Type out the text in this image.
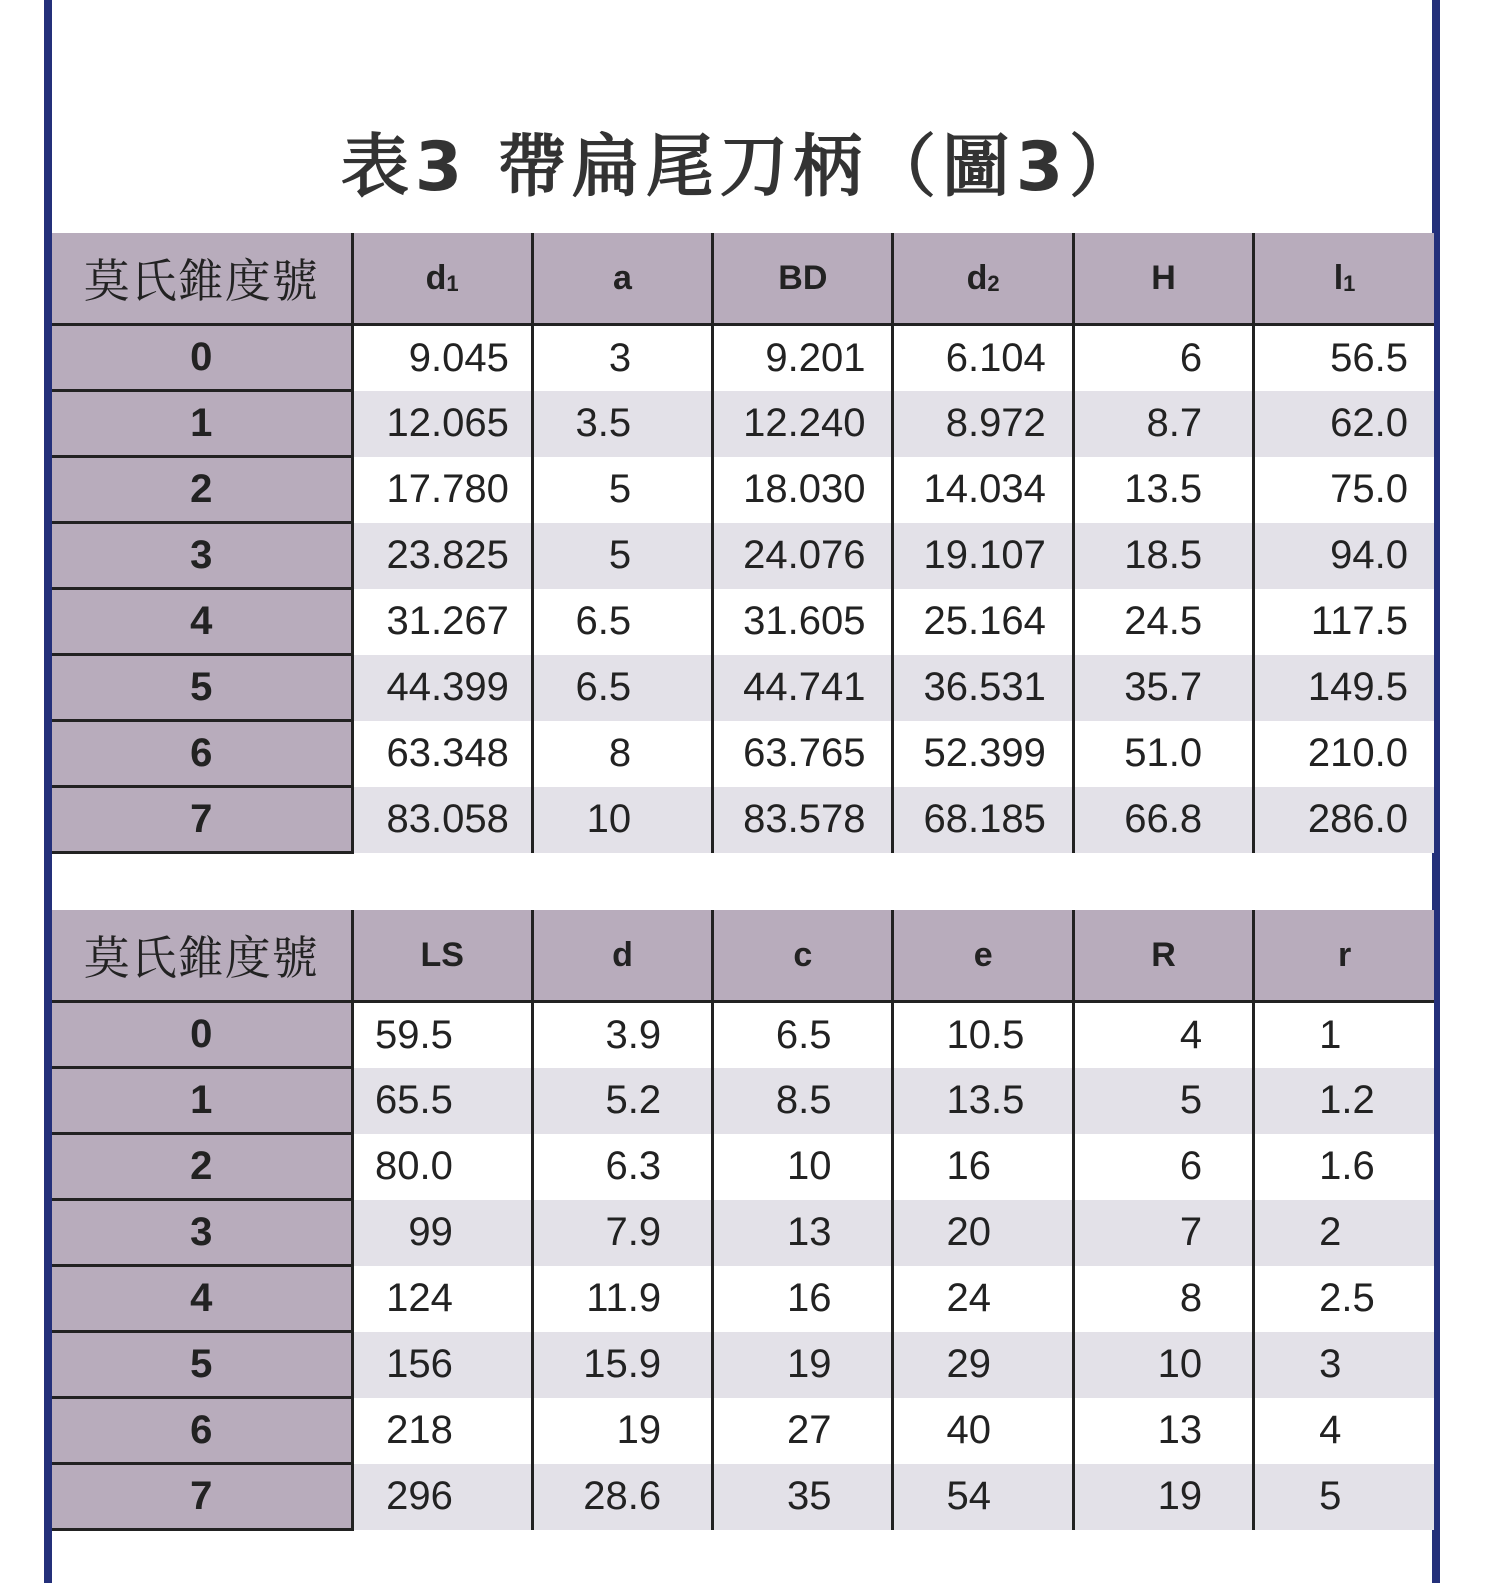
表3 帶扁尾刀柄（圖3）
莫氏錐度號	$d_1$	a	BD	$d_2$	H	$l_1$
0	9.045	3	9.201	6.104	6	56.5
1	12.065	3.5	12.240	8.972	8.7	62.0
2	17.780	5	18.030	14.034	13.5	75.0
3	23.825	5	24.076	19.107	18.5	94.0
4	31.267	6.5	31.605	25.164	24.5	117.5
5	44.399	6.5	44.741	36.531	35.7	149.5
6	63.348	8	63.765	52.399	51.0	210.0
7	83.058	10	83.578	68.185	66.8	286.0
莫氏錐度號	LS	d	c	e	R	r
0	59.5	3.9	6.5	10.5	4	1
1	65.5	5.2	8.5	13.5	5	1.2
2	80.0	6.3	10	16	6	1.6
3	99	7.9	13	20	7	2
4	124	11.9	16	24	8	2.5
5	156	15.9	19	29	10	3
6	218	19	27	40	13	4
7	296	28.6	35	54	19	5
